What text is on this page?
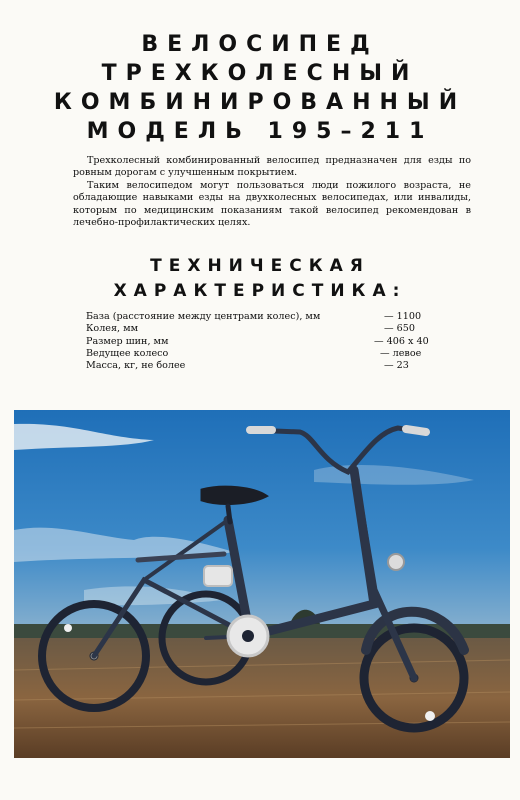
ВЕЛОСИПЕД
ТРЕХКОЛЕСНЫЙ
КОМБИНИРОВАННЫЙ
МОДЕЛЬ 195–211

Трехколесный комбинированный велосипед предназначен для езды по ровным дорогам с улучшенным покрытием.

Таким велосипедом могут пользоваться люди пожилого возраста, не обладающие навыками езды на двухколесных велосипедах, или инвалиды, которым по медицинским показаниям такой велосипед рекомендован в лечебно-профилактических целях.

ТЕХНИЧЕСКАЯ
ХАРАКТЕРИСТИКА:
База (расстояние между центрами колес), мм	— 1100
Колея, мм	— 650
Размер шин, мм	— 406 х 40
Ведущее колесо	— левое
Масса, кг, не более	— 23
